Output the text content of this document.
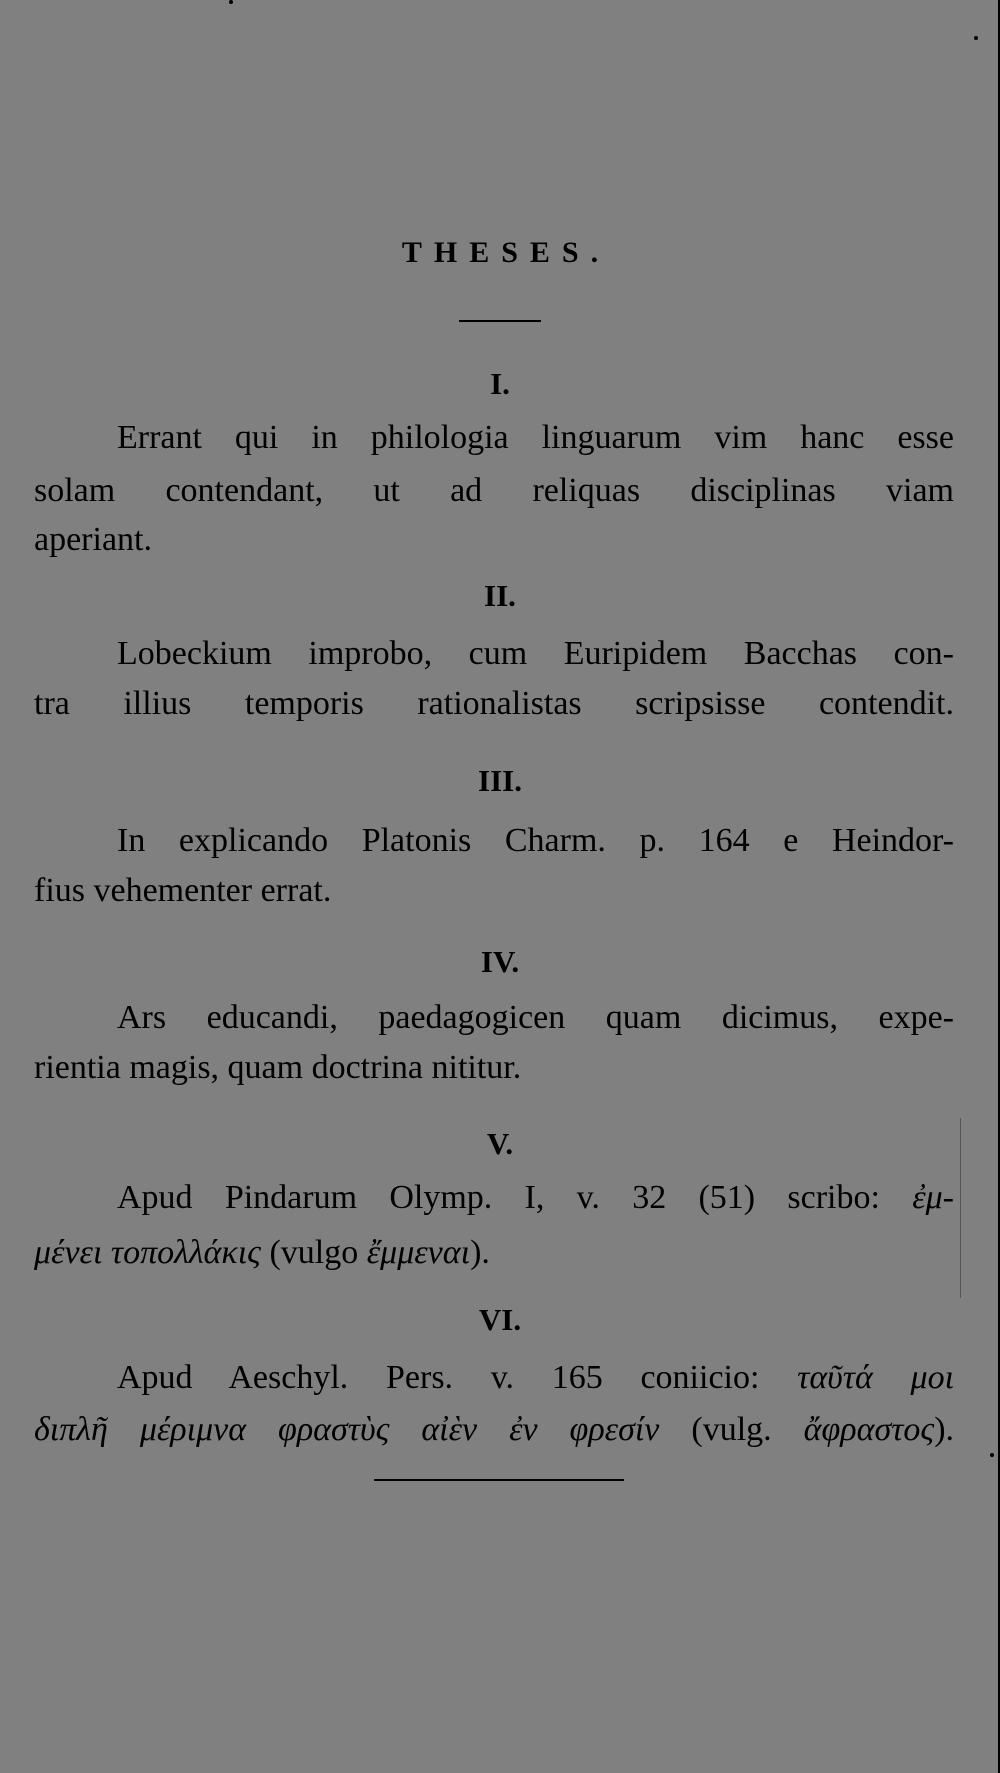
THESES.
I.
Errant qui in philologia linguarum vim hanc esse
solam contendant, ut ad reliquas disciplinas viam
aperiant.
II.
Lobeckium improbo, cum Euripidem Bacchas con-
tra illius temporis rationalistas scripsisse contendit.
III.
In explicando Platonis Charm. p. 164 e Heindor-
fius vehementer errat.
IV.
Ars educandi, paedagogicen quam dicimus, expe-
rientia magis, quam doctrina nititur.
V.
Apud Pindarum Olymp. I, v. 32 (51) scribo: ἐμ-
μένει τοπολλάκις (vulgo ἔμμεναι).
VI.
Apud Aeschyl. Pers. v. 165 coniicio: ταῦτά μοι
διπλῆ μέριμνα φραστὺς αἰὲν ἐν φρεσίν (vulg. ἄφραστος).
